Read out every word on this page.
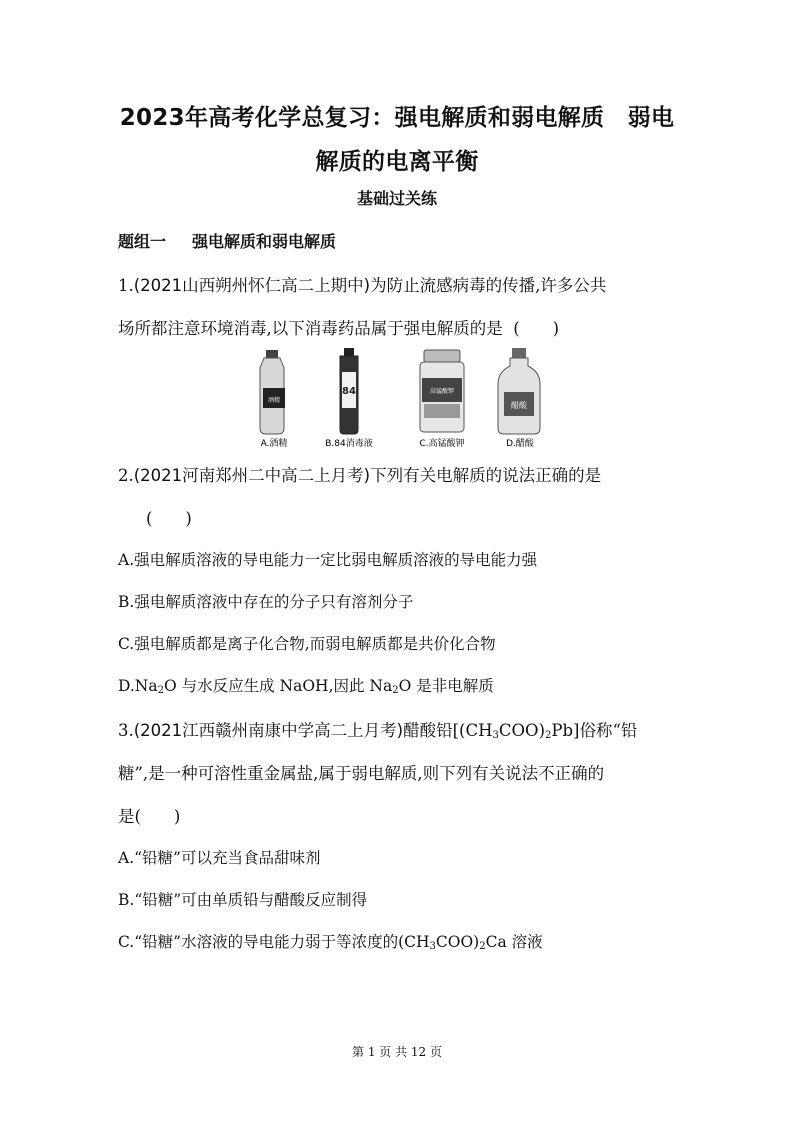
2023年高考化学总复习：强电解质和弱电解质　弱电
解质的电离平衡
基础过关练
题组一 强电解质和弱电解质
1.(2021山西朔州怀仁高二上期中)为防止流感病毒的传播,许多公共
场所都注意环境消毒,以下消毒药品属于强电解质的是 (　　)
A.酒精	B.84消毒液	C.高锰酸钾	D.醋酸
酒精
84	高锰酸钾
醋酸
2.(2021河南郑州二中高二上月考)下列有关电解质的说法正确的是
(　　)
A.强电解质溶液的导电能力一定比弱电解质溶液的导电能力强
B.强电解质溶液中存在的分子只有溶剂分子
C.强电解质都是离子化合物,而弱电解质都是共价化合物
$D.Na_2O$ 与水反应生成 NaOH,因此 $Na_2O$ 是非电解质
3.(2021江西赣州南康中学高二上月考)醋酸铅$[(CH_3COO)_2Pb]$俗称“铅
糖”,是一种可溶性重金属盐,属于弱电解质,则下列有关说法不正确的
是(　　)
A.“铅糖”可以充当食品甜味剂
B.“铅糖”可由单质铅与醋酸反应制得
C.“铅糖”水溶液的导电能力弱于等浓度的$(CH_3COO)_2Ca$ 溶液
第 1 页 共 12 页
